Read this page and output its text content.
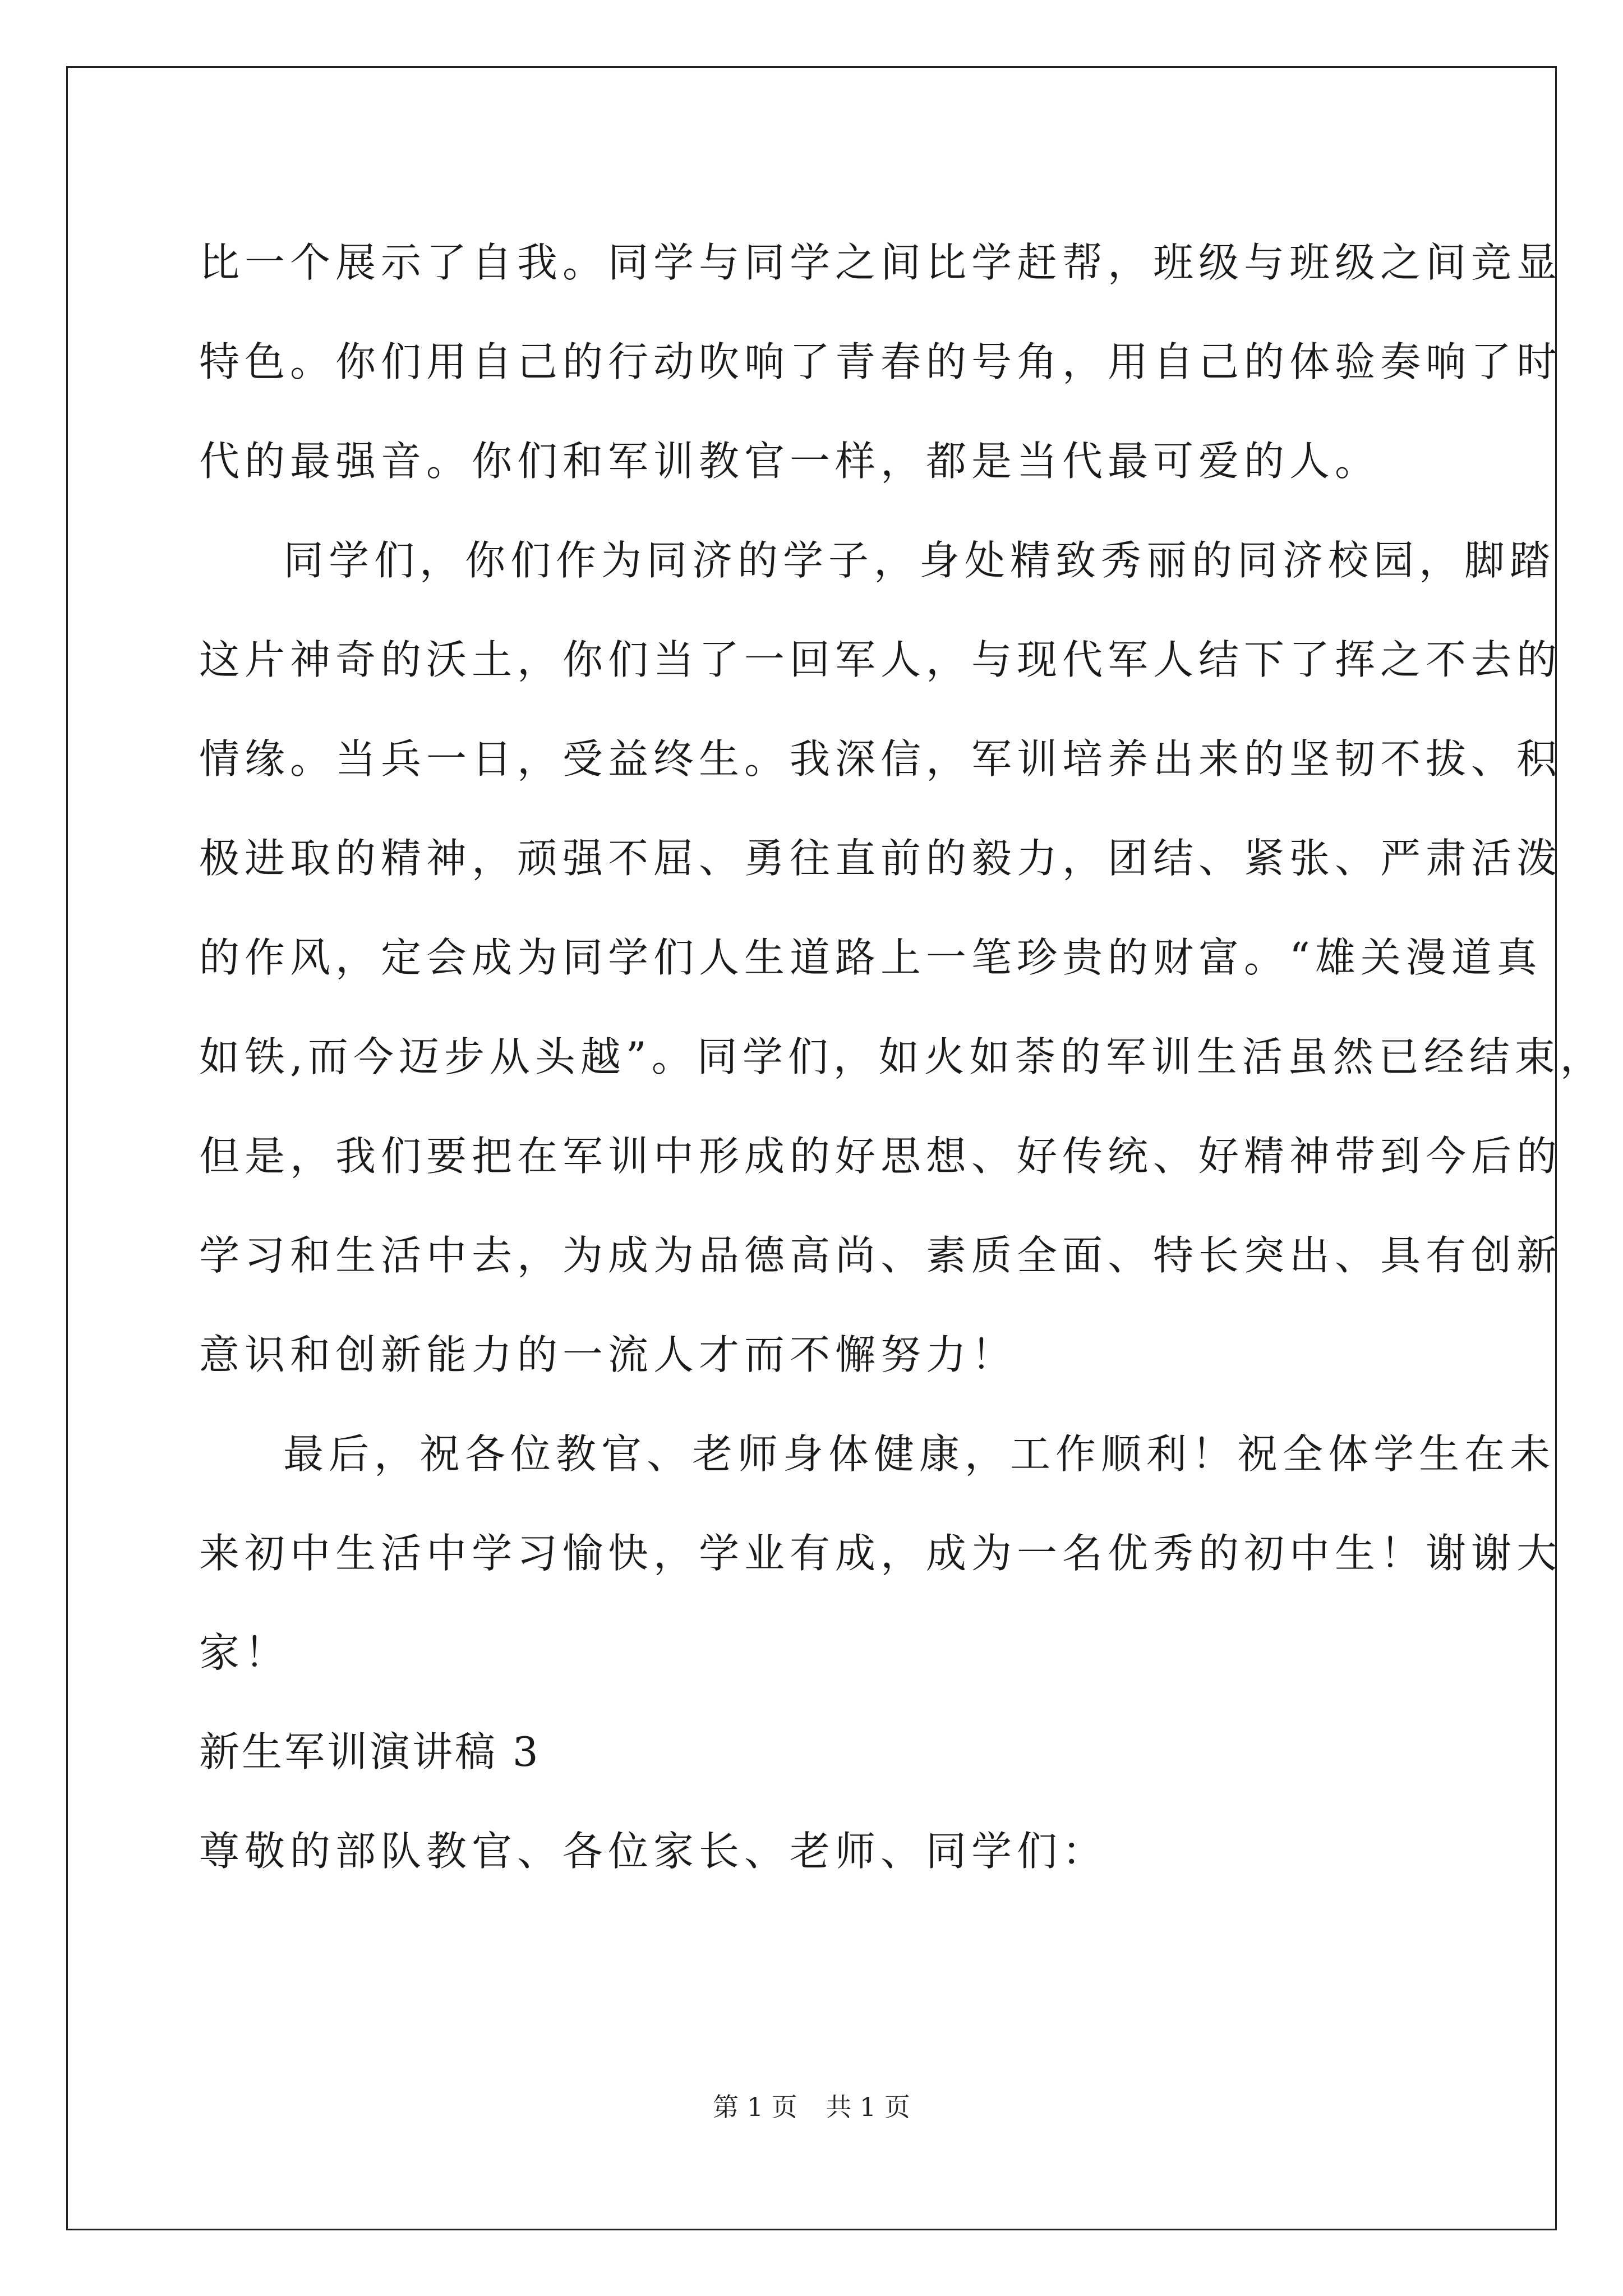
比一个展示了自我。同学与同学之间比学赶帮，班级与班级之间竞显
特色。你们用自己的行动吹响了青春的号角，用自己的体验奏响了时
代的最强音。你们和军训教官一样，都是当代最可爱的人。
同学们，你们作为同济的学子，身处精致秀丽的同济校园，脚踏
这片神奇的沃土，你们当了一回军人，与现代军人结下了挥之不去的
情缘。当兵一日，受益终生。我深信，军训培养出来的坚韧不拔、积
极进取的精神，顽强不屈、勇往直前的毅力，团结、紧张、严肃活泼
的作风，定会成为同学们人生道路上一笔珍贵的财富。“雄关漫道真
如铁,而今迈步从头越”。同学们，如火如荼的军训生活虽然已经结束，
但是，我们要把在军训中形成的好思想、好传统、好精神带到今后的
学习和生活中去，为成为品德高尚、素质全面、特长突出、具有创新
意识和创新能力的一流人才而不懈努力！
最后，祝各位教官、老师身体健康，工作顺利！祝全体学生在未
来初中生活中学习愉快，学业有成，成为一名优秀的初中生！谢谢大
家！
新生军训演讲稿 3
尊敬的部队教官、各位家长、老师、同学们：
第 1 页 共 1 页
